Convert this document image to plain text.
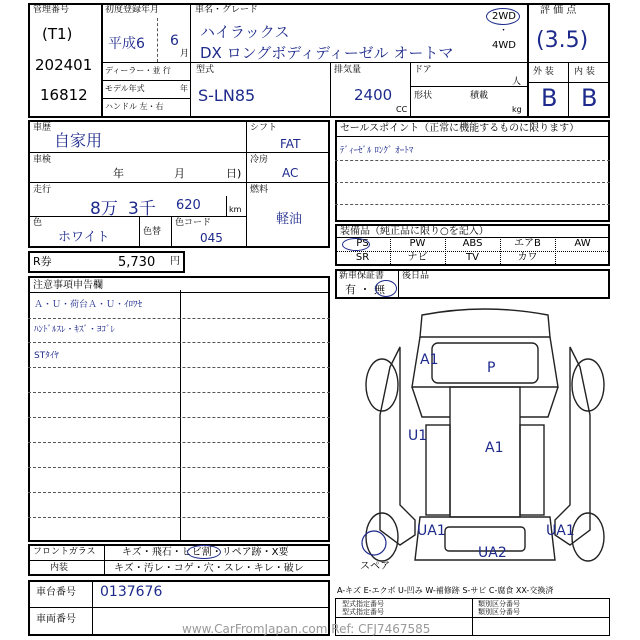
管理番号
(T1)
202401
16812
初度登録年月
平成6 6
月
車名・グレード
ハイラックス
DX ロングボディディーゼル オートマ
2WD
・
4WD
ディーラー・並 行
モデル年式	年
ハンドル 左・右
型式
S-LN85
排気量
2400
CC
ドア
人
形状	積載
kg
評 価 点
(3.5)
外 装 内 装
B B
車歴
自家用
車検
年	月	日)
走行
8万 3千 620	km
色
ホワイト	色替
色コード
045
シフト
FAT
冷房
AC
燃料
軽油
R券	5,730 円
注意事項申告欄
Ａ・Ｕ・荷台Ａ・Ｕ・ｲﾛﾜｾ
ﾊﾝﾄﾞﾙｽﾚ・ｷｽﾞ・ﾖｺﾞﾚ
STﾀｲﾔ
フロントガラス	キズ・飛石・ヒビ割・リペア跡・X要
内装	キズ・汚レ・コゲ・穴・スレ・キレ・破レ
車台番号 0137676
車両番号
セールスポイント（正常に機能するものに限ります）
ﾃﾞｨｰｾﾞﾙ ﾛﾝｸﾞ ｵｰﾄﾏ
装備品（純正品に限り○を記入）
新車保証書 後日品
有 ・ 無
A1	P
U1
A1
UA1	UA1
UA2
スペア
A-キズ E-エクボ U-凹み W-補修跡 S-サビ C-腐食 XX-交換済
型式指定番号	類別区分番号
型式指定番号	類別区分番号
www.CarFromJapan.com Ref: CFJ7467585
PS	PW	ABS	エアB	AW
SR	ナビ	TV	カワ
